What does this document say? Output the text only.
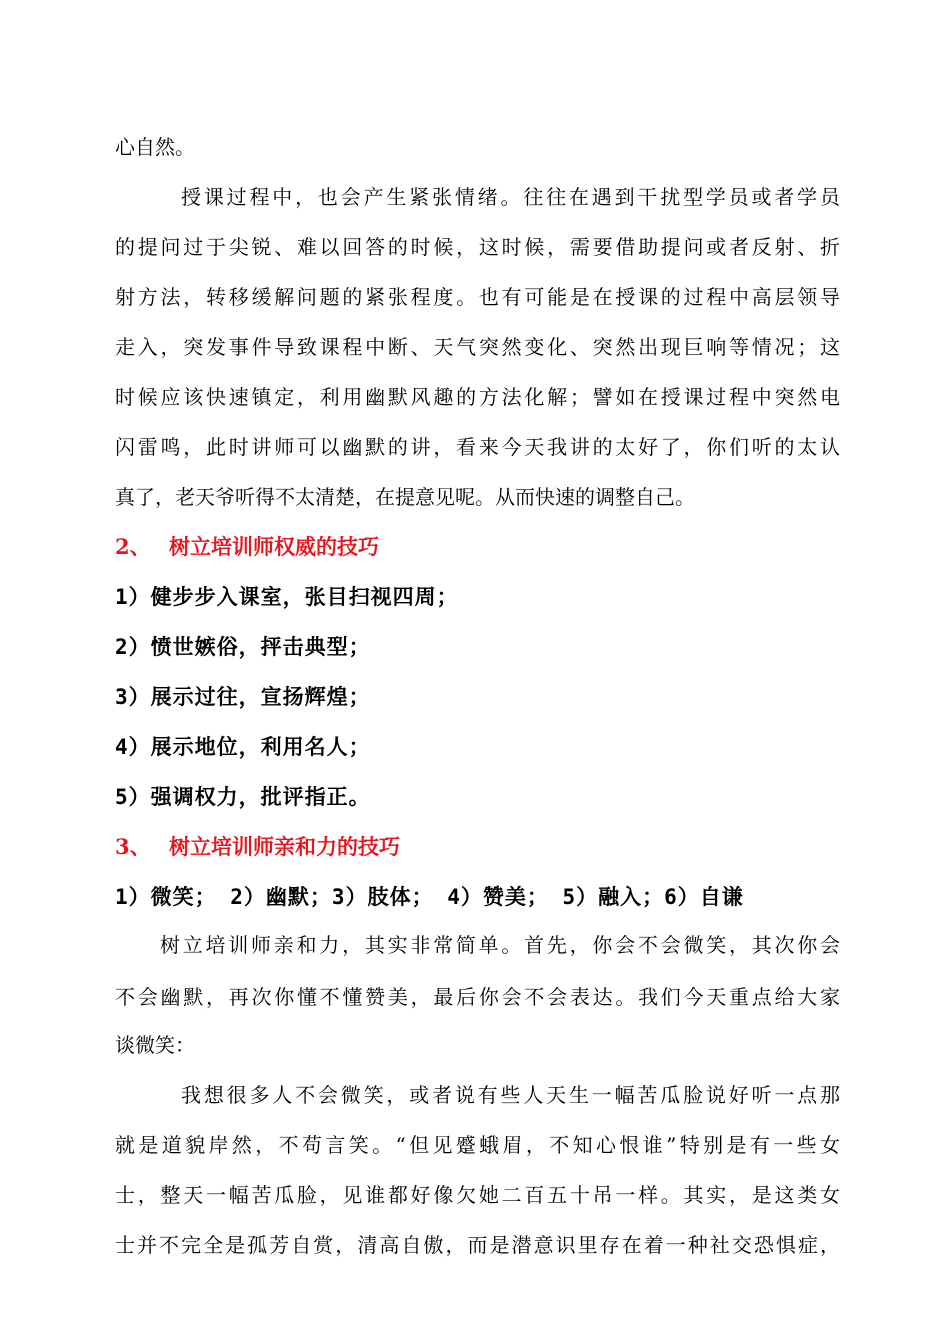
心自然。

授课过程中，也会产生紧张情绪。往往在遇到干扰型学员或者学员

的提问过于尖锐、难以回答的时候，这时候，需要借助提问或者反射、折

射方法，转移缓解问题的紧张程度。也有可能是在授课的过程中高层领导

走入，突发事件导致课程中断、天气突然变化、突然出现巨响等情况；这

时候应该快速镇定，利用幽默风趣的方法化解；譬如在授课过程中突然电

闪雷鸣，此时讲师可以幽默的讲，看来今天我讲的太好了，你们听的太认

真了，老天爷听得不太清楚，在提意见呢。从而快速的调整自己。

2、 树立培训师权威的技巧

1）健步步入课室，张目扫视四周；

2）愤世嫉俗，抨击典型；

3）展示过往，宣扬辉煌；

4）展示地位，利用名人；

5）强调权力，批评指正。

3、 树立培训师亲和力的技巧

1）微笑； 2）幽默；3）肢体； 4）赞美； 5）融入；6）自谦

树立培训师亲和力，其实非常简单。首先，你会不会微笑，其次你会

不会幽默，再次你懂不懂赞美，最后你会不会表达。我们今天重点给大家

谈微笑：

我想很多人不会微笑，或者说有些人天生一幅苦瓜脸说好听一点那

就是道貌岸然，不苟言笑。“但见蹙蛾眉，不知心恨谁”特别是有一些女

士，整天一幅苦瓜脸，见谁都好像欠她二百五十吊一样。其实，是这类女

士并不完全是孤芳自赏，清高自傲，而是潜意识里存在着一种社交恐惧症，
